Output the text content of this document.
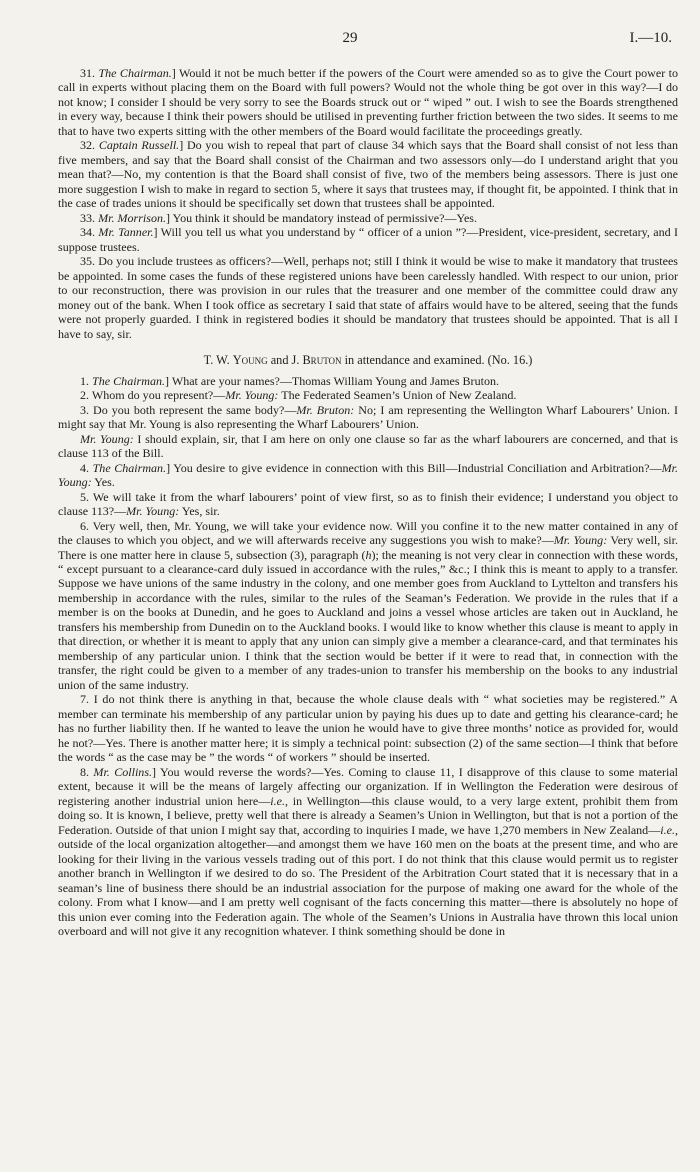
29	I.—10.

31. The Chairman.] Would it not be much better if the powers of the Court were amended so as to give the Court power to call in experts without placing them on the Board with full powers? Would not the whole thing be got over in this way?—I do not know; I consider I should be very sorry to see the Boards struck out or “ wiped ” out. I wish to see the Boards strengthened in every way, because I think their powers should be utilised in preventing further friction between the two sides. It seems to me that to have two experts sitting with the other members of the Board would facilitate the proceedings greatly.

32. Captain Russell.] Do you wish to repeal that part of clause 34 which says that the Board shall consist of not less than five members, and say that the Board shall consist of the Chairman and two assessors only—do I understand aright that you mean that?—No, my contention is that the Board shall consist of five, two of the members being assessors. There is just one more suggestion I wish to make in regard to section 5, where it says that trustees may, if thought fit, be appointed. I think that in the case of trades unions it should be specifically set down that trustees shall be appointed.

33. Mr. Morrison.] You think it should be mandatory instead of permissive?—Yes.

34. Mr. Tanner.] Will you tell us what you understand by “ officer of a union ”?—President, vice-president, secretary, and I suppose trustees.

35. Do you include trustees as officers?—Well, perhaps not; still I think it would be wise to make it mandatory that trustees be appointed. In some cases the funds of these registered unions have been carelessly handled. With respect to our union, prior to our reconstruction, there was provision in our rules that the treasurer and one member of the committee could draw any money out of the bank. When I took office as secretary I said that state of affairs would have to be altered, seeing that the funds were not properly guarded. I think in registered bodies it should be mandatory that trustees should be appointed. That is all I have to say, sir.

T. W. Young and J. Bruton in attendance and examined. (No. 16.)

1. The Chairman.] What are your names?—Thomas William Young and James Bruton.

2. Whom do you represent?—Mr. Young: The Federated Seamen’s Union of New Zealand.

3. Do you both represent the same body?—Mr. Bruton: No; I am representing the Wellington Wharf Labourers’ Union. I might say that Mr. Young is also representing the Wharf Labourers’ Union.

Mr. Young: I should explain, sir, that I am here on only one clause so far as the wharf labourers are concerned, and that is clause 113 of the Bill.

4. The Chairman.] You desire to give evidence in connection with this Bill—Industrial Conciliation and Arbitration?—Mr. Young: Yes.

5. We will take it from the wharf labourers’ point of view first, so as to finish their evidence; I understand you object to clause 113?—Mr. Young: Yes, sir.

6. Very well, then, Mr. Young, we will take your evidence now. Will you confine it to the new matter contained in any of the clauses to which you object, and we will afterwards receive any suggestions you wish to make?—Mr. Young: Very well, sir. There is one matter here in clause 5, subsection (3), paragraph (h); the meaning is not very clear in connection with these words, “ except pursuant to a clearance-card duly issued in accordance with the rules,” &c.; I think this is meant to apply to a transfer. Suppose we have unions of the same industry in the colony, and one member goes from Auckland to Lyttelton and transfers his membership in accordance with the rules, similar to the rules of the Seaman’s Federation. We provide in the rules that if a member is on the books at Dunedin, and he goes to Auckland and joins a vessel whose articles are taken out in Auckland, he transfers his membership from Dunedin on to the Auckland books. I would like to know whether this clause is meant to apply in that direction, or whether it is meant to apply that any union can simply give a member a clearance-card, and that terminates his membership of any particular union. I think that the section would be better if it were to read that, in connection with the transfer, the right could be given to a member of any trades-union to transfer his membership on the books to any industrial union of the same industry.

7. I do not think there is anything in that, because the whole clause deals with “ what societies may be registered.” A member can terminate his membership of any particular union by paying his dues up to date and getting his clearance-card; he has no further liability then. If he wanted to leave the union he would have to give three months’ notice as provided for, would he not?—Yes. There is another matter here; it is simply a technical point: subsection (2) of the same section—I think that before the words “ as the case may be ” the words “ of workers ” should be inserted.

8. Mr. Collins.] You would reverse the words?—Yes. Coming to clause 11, I disapprove of this clause to some material extent, because it will be the means of largely affecting our organization. If in Wellington the Federation were desirous of registering another industrial union here—i.e., in Wellington—this clause would, to a very large extent, prohibit them from doing so. It is known, I believe, pretty well that there is already a Seamen’s Union in Wellington, but that is not a portion of the Federation. Outside of that union I might say that, according to inquiries I made, we have 1,270 members in New Zealand—i.e., outside of the local organization altogether—and amongst them we have 160 men on the boats at the present time, and who are looking for their living in the various vessels trading out of this port. I do not think that this clause would permit us to register another branch in Wellington if we desired to do so. The President of the Arbitration Court stated that it is necessary that in a seaman’s line of business there should be an industrial association for the purpose of making one award for the whole of the colony. From what I know—and I am pretty well cognisant of the facts concerning this matter—there is absolutely no hope of this union ever coming into the Federation again. The whole of the Seamen’s Unions in Australia have thrown this local union overboard and will not give it any recognition whatever. I think something should be done in
